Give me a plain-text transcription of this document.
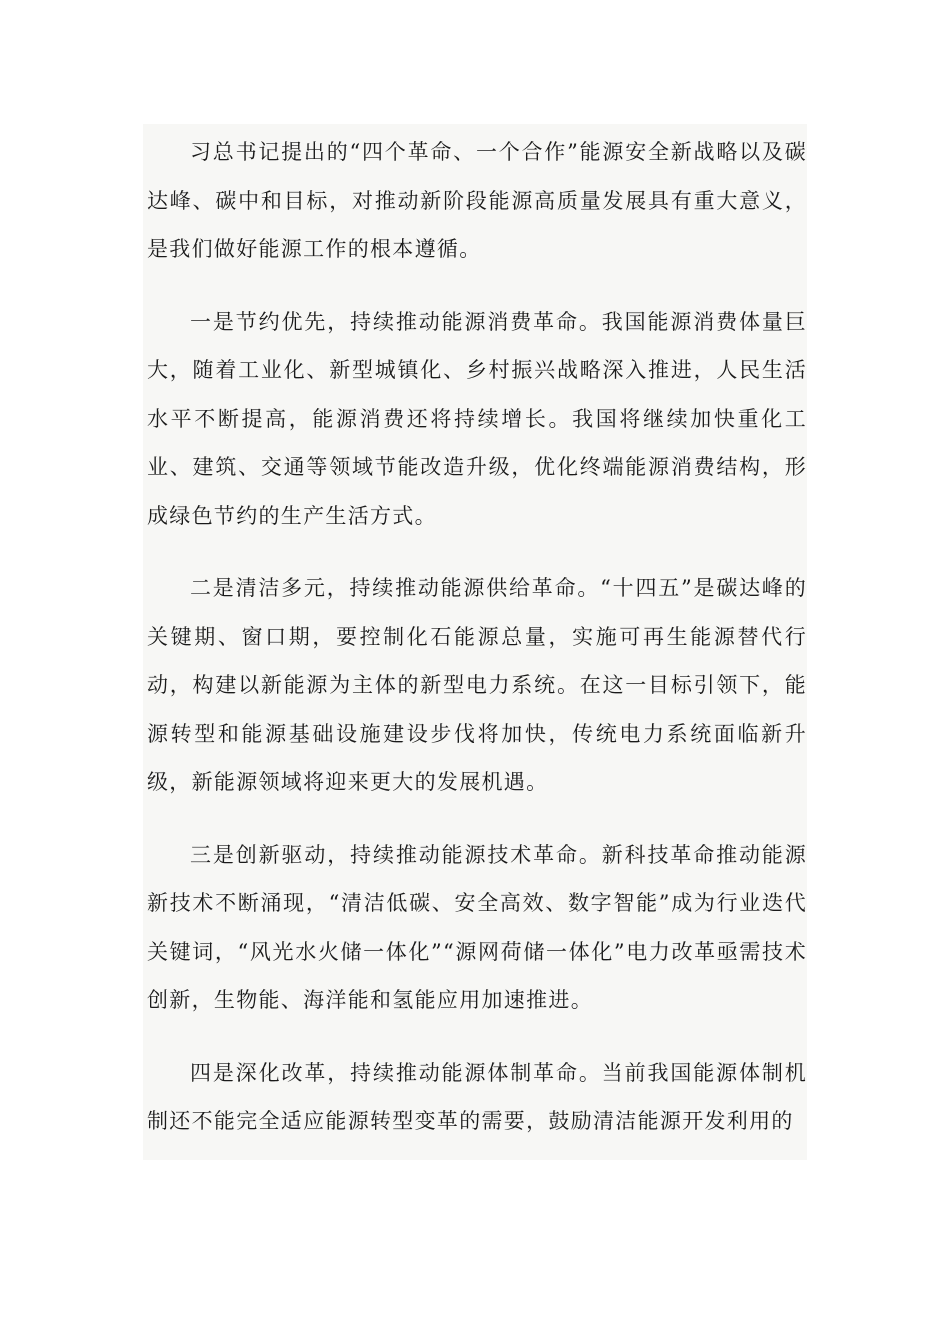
习总书记提出的“四个革命、一个合作”能源安全新战略以及碳达峰、碳中和目标，对推动新阶段能源高质量发展具有重大意义，是我们做好能源工作的根本遵循。

一是节约优先，持续推动能源消费革命。我国能源消费体量巨大，随着工业化、新型城镇化、乡村振兴战略深入推进，人民生活水平不断提高，能源消费还将持续增长。我国将继续加快重化工业、建筑、交通等领域节能改造升级，优化终端能源消费结构，形成绿色节约的生产生活方式。

二是清洁多元，持续推动能源供给革命。“十四五”是碳达峰的关键期、窗口期，要控制化石能源总量，实施可再生能源替代行动，构建以新能源为主体的新型电力系统。在这一目标引领下，能源转型和能源基础设施建设步伐将加快，传统电力系统面临新升级，新能源领域将迎来更大的发展机遇。

三是创新驱动，持续推动能源技术革命。新科技革命推动能源新技术不断涌现，“清洁低碳、安全高效、数字智能”成为行业迭代关键词，“风光水火储一体化”“源网荷储一体化”电力改革亟需技术创新，生物能、海洋能和氢能应用加速推进。

四是深化改革，持续推动能源体制革命。当前我国能源体制机制还不能完全适应能源转型变革的需要，鼓励清洁能源开发利用的
